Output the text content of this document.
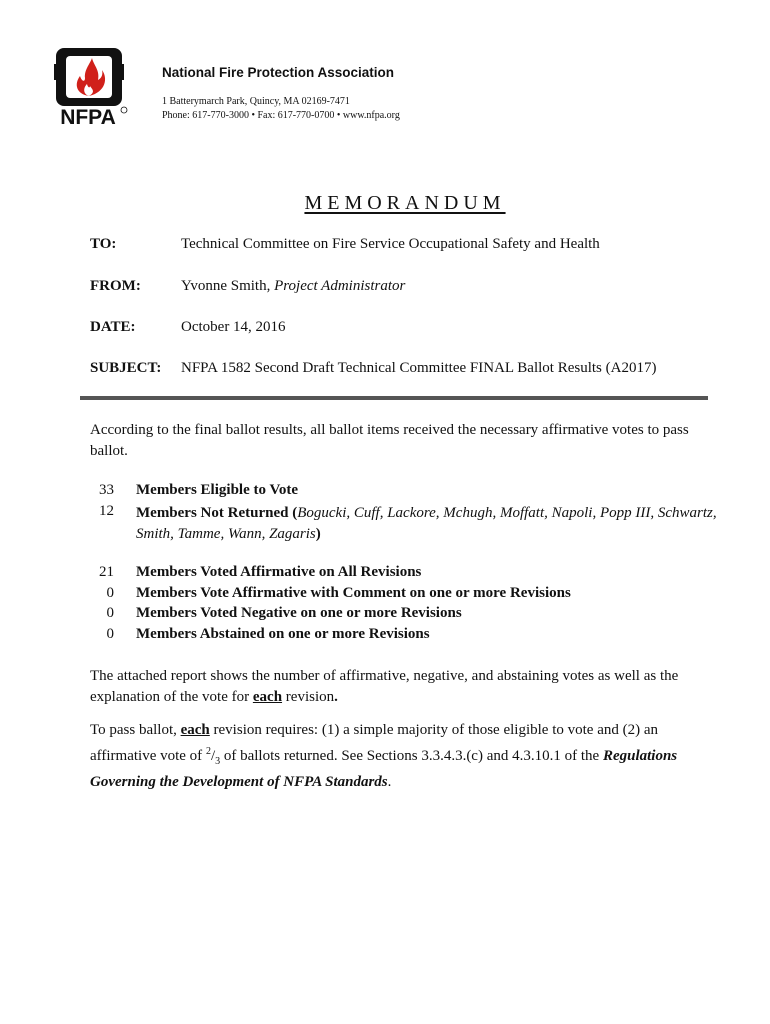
NFPA
National Fire Protection Association
1 Batterymarch Park, Quincy, MA 02169-7471
Phone: 617-770-3000 • Fax: 617-770-0700 • www.nfpa.org
MEMORANDUM
TO:	Technical Committee on Fire Service Occupational Safety and Health
FROM:	Yvonne Smith, Project Administrator
DATE:	October 14, 2016
SUBJECT: NFPA 1582 Second Draft Technical Committee FINAL Ballot Results (A2017)
According to the final ballot results, all ballot items received the necessary affirmative votes to pass
ballot.
33 Members Eligible to Vote
12 Members Not Returned (Bogucki, Cuff, Lackore, Mchugh, Moffatt, Napoli, Popp III, Schwartz,
Smith, Tamme, Wann, Zagaris)
21 Members Voted Affirmative on All Revisions
0 Members Vote Affirmative with Comment on one or more Revisions
0 Members Voted Negative on one or more Revisions
0 Members Abstained on one or more Revisions
The attached report shows the number of affirmative, negative, and abstaining votes as well as the
explanation of the vote for each revision.
To pass ballot, each revision requires: (1) a simple majority of those eligible to vote and (2) an
affirmative vote of $^2/_3$ of ballots returned. See Sections 3.3.4.3.(c) and 4.3.10.1 of the Regulations
Governing the Development of NFPA Standards.
